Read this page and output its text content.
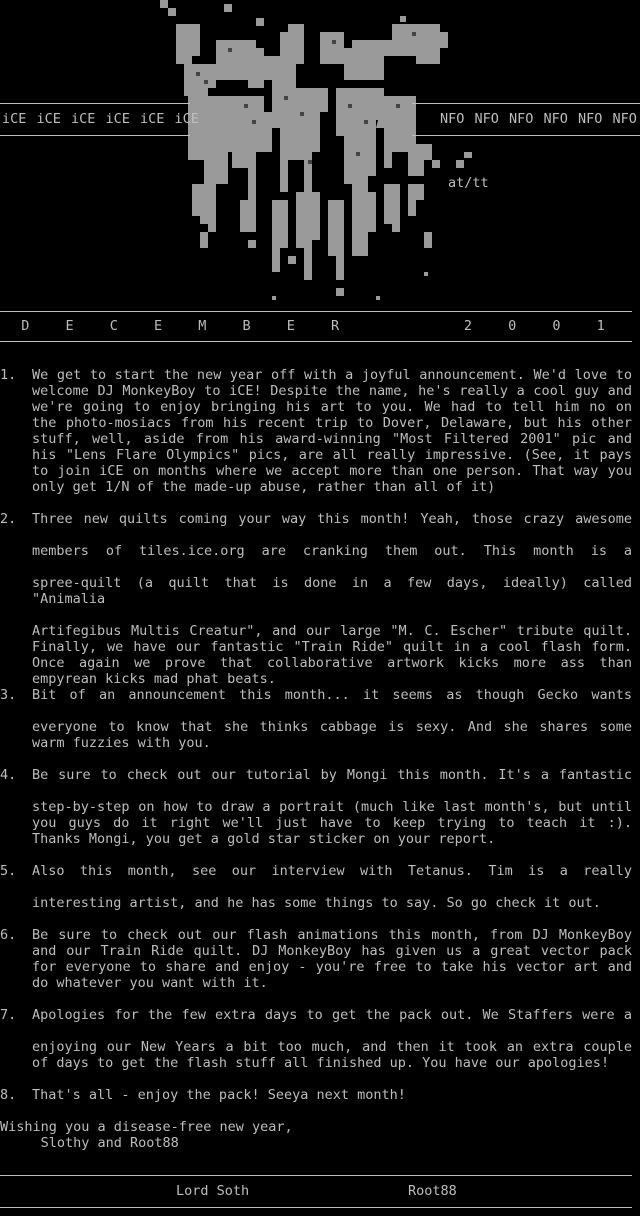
iCE iCE iCE iCE iCE iCE	NFO NFO NFO NFO NFO NFO
at/tt
D E C E M B E R     2 0 0 1
1. We get to start the new year off with a joyful announcement. We'd love to welcome DJ MonkeyBoy to iCE! Despite the name, he's really a cool guy and we're going to enjoy bringing his art to you. We had to tell him no on the photo-mosiacs from his recent trip to Dover, Delaware, but his other stuff, well, aside from his award-winning "Most Filtered 2001" pic and his "Lens Flare Olympics" pics, are all really impressive. (See, it pays to join iCE on months where we accept more than one person. That way you only get 1/N of the made-up abuse, rather than all of it)

2. Three new quilts coming your way this month! Yeah, those crazy awesome

members of tiles.ice.org are cranking them out. This month is a

spree-quilt (a quilt that is done in a few days, ideally) called "Animalia

Artifegibus Multis Creatur", and our large "M. C. Escher" tribute quilt. Finally, we have our fantastic "Train Ride" quilt in a cool flash form. Once again we prove that collaborative artwork kicks more ass than empyrean kicks mad phat beats.

3. Bit of an announcement this month... it seems as though Gecko wants

everyone to know that she thinks cabbage is sexy. And she shares some warm fuzzies with you.

4. Be sure to check out our tutorial by Mongi this month. It's a fantastic

step-by-step on how to draw a portrait (much like last month's, but until you guys do it right we'll just have to keep trying to teach it :). Thanks Mongi, you get a gold star sticker on your report.

5. Also this month, see our interview with Tetanus. Tim is a really

interesting artist, and he has some things to say. So go check it out.

6. Be sure to check out our flash animations this month, from DJ MonkeyBoy and our Train Ride quilt. DJ MonkeyBoy has given us a great vector pack for everyone to share and enjoy - you're free to take his vector art and do whatever you want with it.

7. Apologies for the few extra days to get the pack out. We Staffers were a

enjoying our New Years a bit too much, and then it took an extra couple of days to get the flash stuff all finished up. You have our apologies!

8. That's all - enjoy the pack! Seeya next month!

Wishing you a disease-free new year,
Slothy and Root88
Lord Soth	Root88
